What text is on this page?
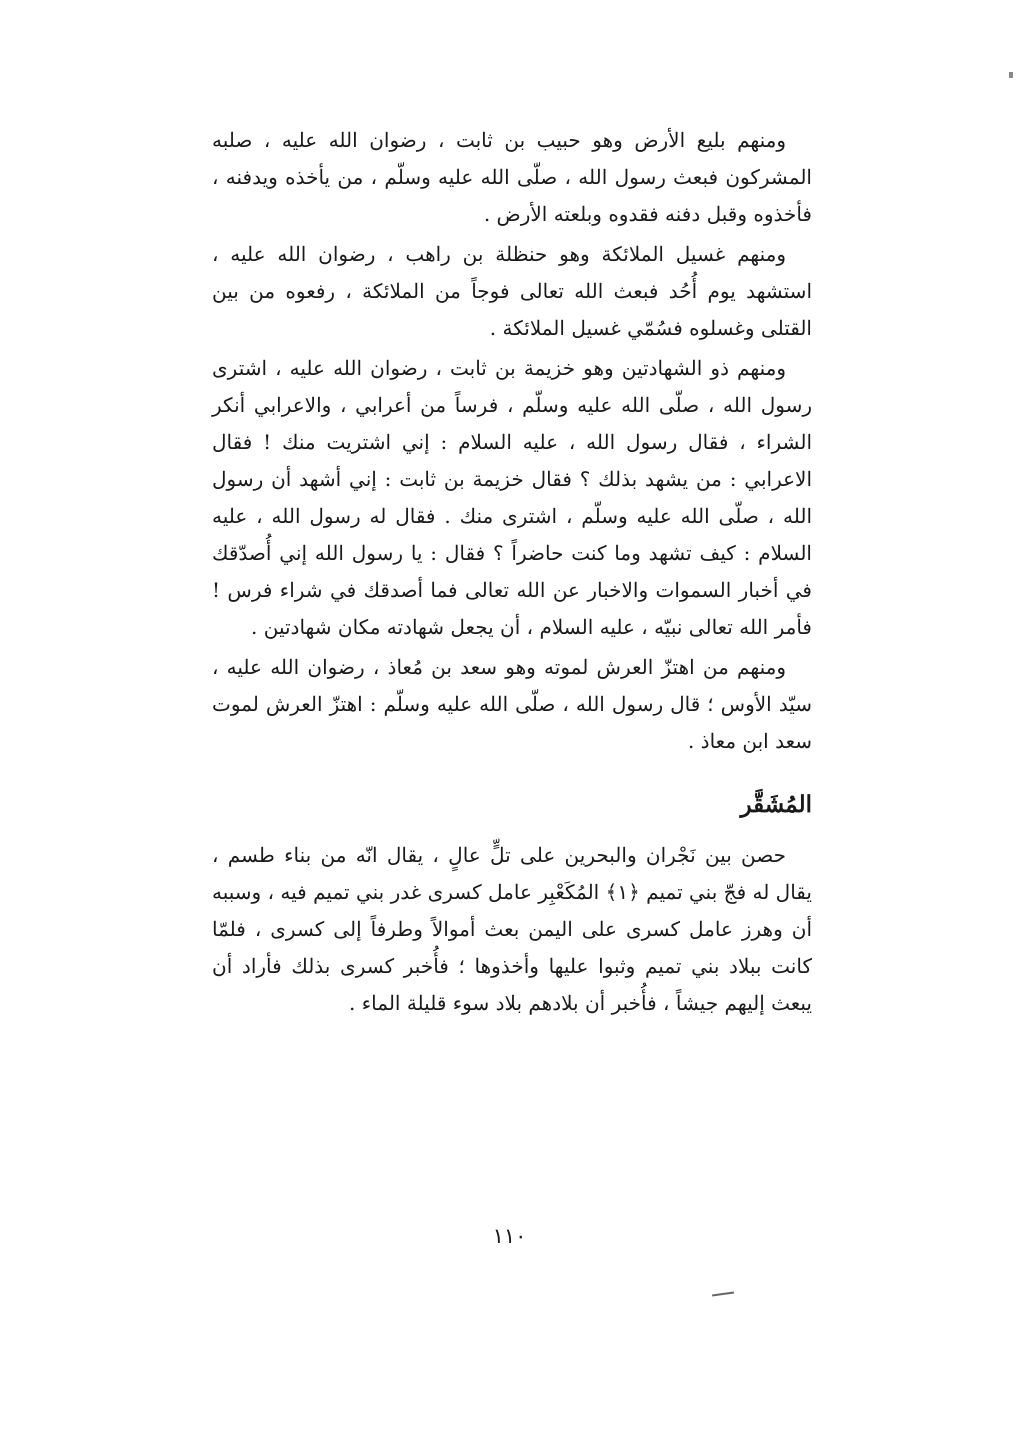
ومنهم بليع الأرض وهو حبيب بن ثابت ، رضوان الله عليه ، صلبه المشركون فبعث رسول الله ، صلّى الله عليه وسلّم ، من يأخذه ويدفنه ، فأخذوه وقبل دفنه فقدوه وبلعته الأرض .

ومنهم غسيل الملائكة وهو حنظلة بن راهب ، رضوان الله عليه ، استشهد يوم أُحُد فبعث الله تعالى فوجاً من الملائكة ، رفعوه من بين القتلى وغسلوه فسُمّي غسيل الملائكة .

ومنهم ذو الشهادتين وهو خزيمة بن ثابت ، رضوان الله عليه ، اشترى رسول الله ، صلّى الله عليه وسلّم ، فرساً من أعرابي ، والاعرابي أنكر الشراء ، فقال رسول الله ، عليه السلام : إني اشتريت منك ! فقال الاعرابي : من يشهد بذلك ؟ فقال خزيمة بن ثابت : إني أشهد أن رسول الله ، صلّى الله عليه وسلّم ، اشترى منك . فقال له رسول الله ، عليه السلام : كيف تشهد وما كنت حاضراً ؟ فقال : يا رسول الله إني أُصدّقك في أخبار السموات والاخبار عن الله تعالى فما أصدقك في شراء فرس ! فأمر الله تعالى نبيّه ، عليه السلام ، أن يجعل شهادته مكان شهادتين .

ومنهم من اهتزّ العرش لموته وهو سعد بن مُعاذ ، رضوان الله عليه ، سيّد الأوس ؛ قال رسول الله ، صلّى الله عليه وسلّم : اهتزّ العرش لموت سعد ابن معاذ .

المُشَقَّر

حصن بين نَجْران والبحرين على تلٍّ عالٍ ، يقال انّه من بناء طسم ، يقال له فجّ بني تميم ﴿١﴾ المُكَعْبِر عامل كسرى غدر بني تميم فيه ، وسببه أن وهرز عامل كسرى على اليمن بعث أموالاً وطرفاً إلى كسرى ، فلمّا كانت ببلاد بني تميم وثبوا عليها وأخذوها ؛ فأُخبر كسرى بذلك فأراد أن يبعث إليهم جيشاً ، فأُخبر أن بلادهم بلاد سوء قليلة الماء .

١١٠
